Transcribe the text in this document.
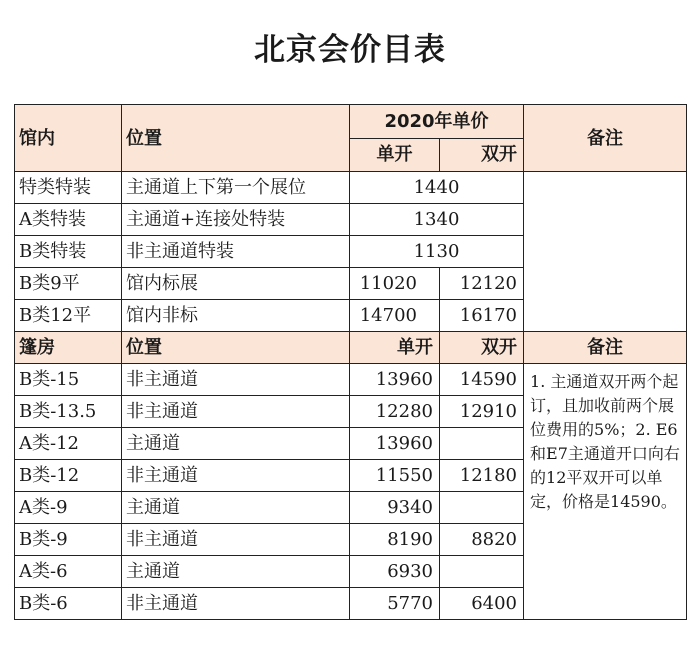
北京会价目表
馆内	位置	2020年单价		备注
		单开	双开	
特类特装	主通道上下第一个展位	1440		
A类特装	主通道+连接处特装	1340		
B类特装	非主通道特装	1130		
B类9平	馆内标展	11020	12120	
B类12平	馆内非标	14700	16170	
篷房	位置	单开	双开	备注
B类-15	非主通道	13960	14590	1. 主通道双开两个起订，且加收前两个展位费用的5%；2. E6和E7主通道开口向右的12平双开可以单定，价格是14590。
B类-13.5	非主通道	12280	12910	
A类-12	主通道	13960		
B类-12	非主通道	11550	12180	
A类-9	主通道	9340		
B类-9	非主通道	8190	8820	
A类-6	主通道	6930		
B类-6	非主通道	5770	6400	
